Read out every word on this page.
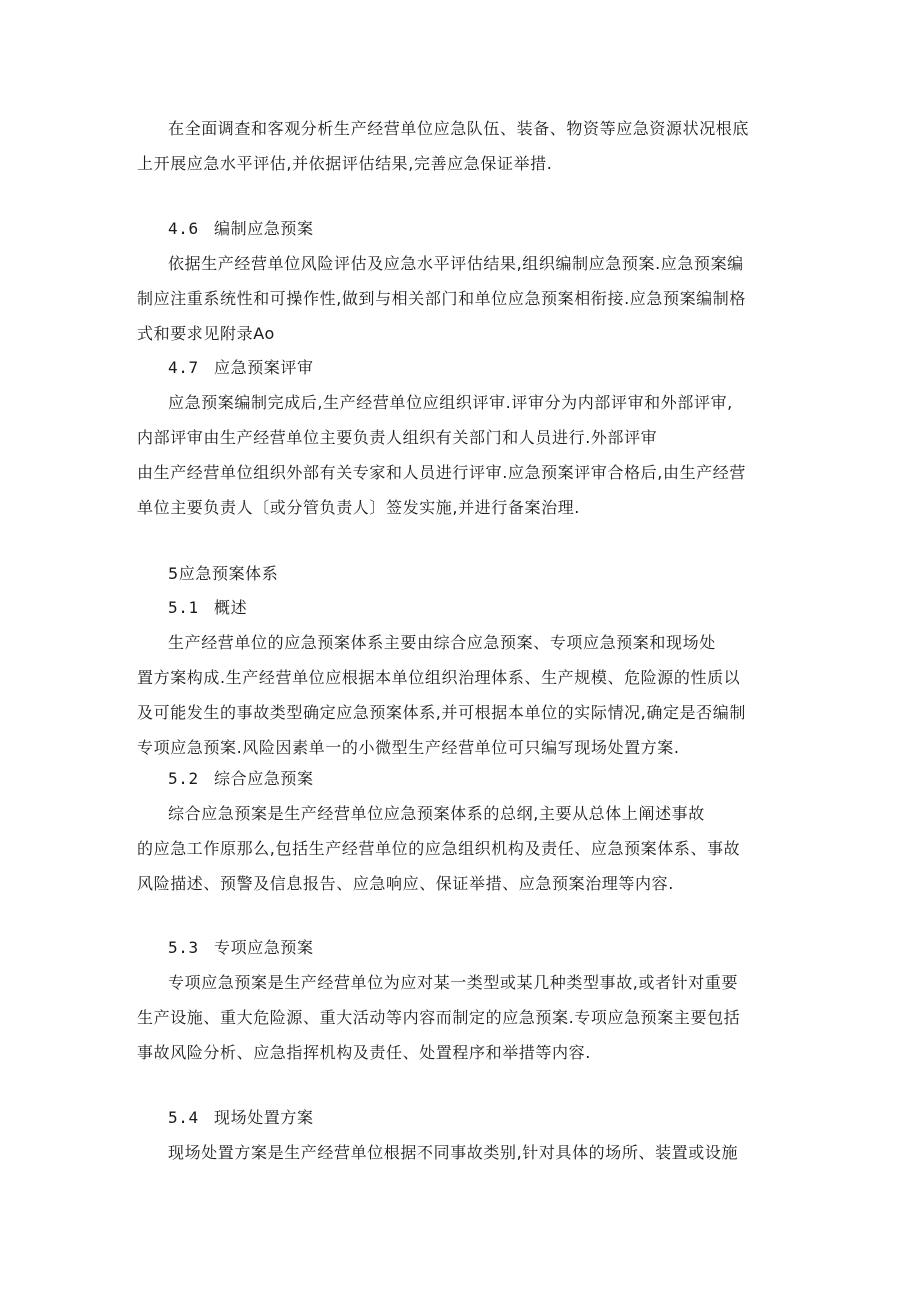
在全面调查和客观分析生产经营单位应急队伍、装备、物资等应急资源状况根底
上开展应急水平评估,并依据评估结果,完善应急保证举措.
4.6 编制应急预案
依据生产经营单位风险评估及应急水平评估结果,组织编制应急预案.应急预案编
制应注重系统性和可操作性,做到与相关部门和单位应急预案相衔接.应急预案编制格
式和要求见附录Ao
4.7 应急预案评审
应急预案编制完成后,生产经营单位应组织评审.评审分为内部评审和外部评审,
内部评审由生产经营单位主要负责人组织有关部门和人员进行.外部评审
由生产经营单位组织外部有关专家和人员进行评审.应急预案评审合格后,由生产经营
单位主要负责人〔或分管负责人〕签发实施,并进行备案治理.
5应急预案体系
5.1 概述
生产经营单位的应急预案体系主要由综合应急预案、专项应急预案和现场处
置方案构成.生产经营单位应根据本单位组织治理体系、生产规模、危险源的性质以
及可能发生的事故类型确定应急预案体系,并可根据本单位的实际情况,确定是否编制
专项应急预案.风险因素单一的小微型生产经营单位可只编写现场处置方案.
5.2 综合应急预案
综合应急预案是生产经营单位应急预案体系的总纲,主要从总体上阐述事故
的应急工作原那么,包括生产经营单位的应急组织机构及责任、应急预案体系、事故
风险描述、预警及信息报告、应急响应、保证举措、应急预案治理等内容.
5.3 专项应急预案
专项应急预案是生产经营单位为应对某一类型或某几种类型事故,或者针对重要
生产设施、重大危险源、重大活动等内容而制定的应急预案.专项应急预案主要包括
事故风险分析、应急指挥机构及责任、处置程序和举措等内容.
5.4 现场处置方案
现场处置方案是生产经营单位根据不同事故类别,针对具体的场所、装置或设施
